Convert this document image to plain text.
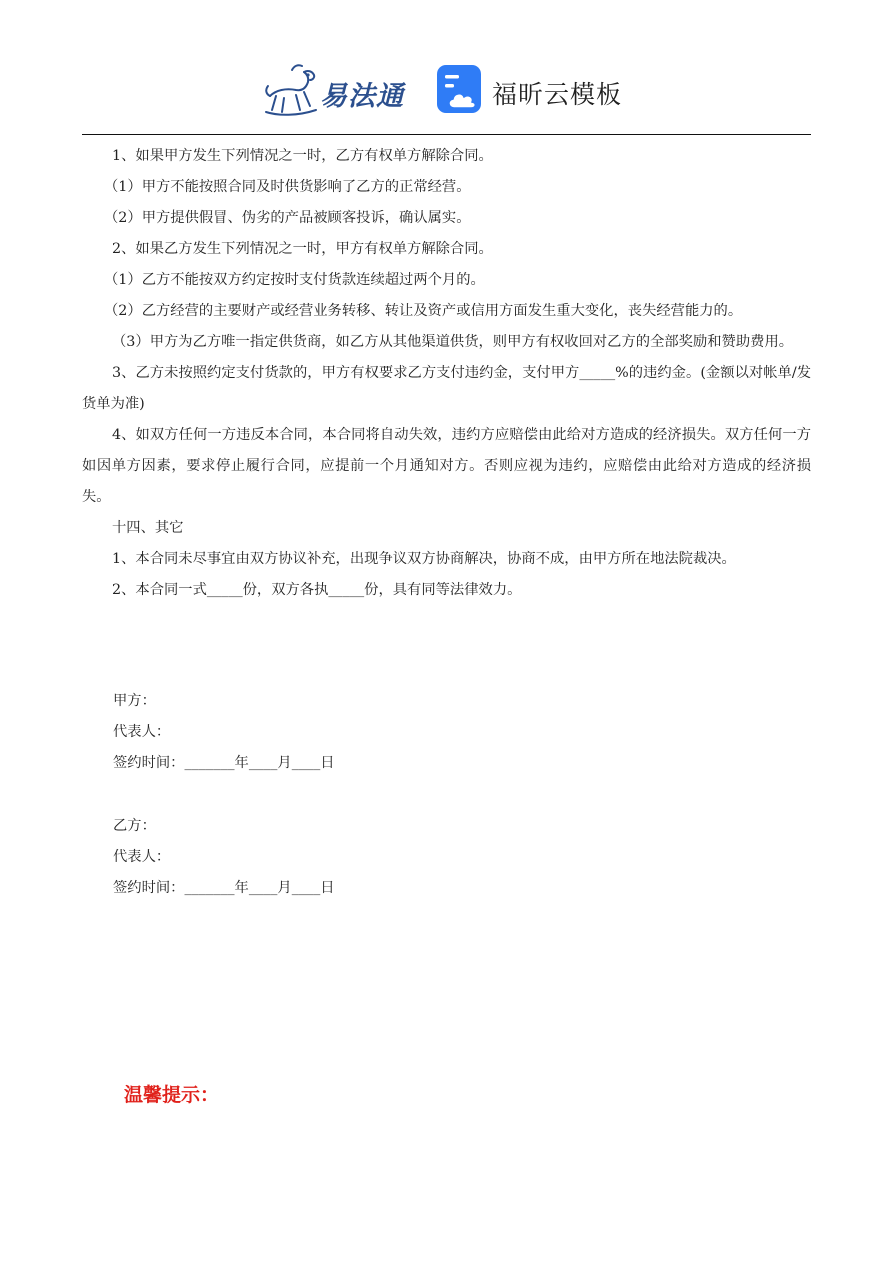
易法通	福昕云模板

1、如果甲方发生下列情况之一时，乙方有权单方解除合同。

（1）甲方不能按照合同及时供货影响了乙方的正常经营。

（2）甲方提供假冒、伪劣的产品被顾客投诉，确认属实。

2、如果乙方发生下列情况之一时，甲方有权单方解除合同。

（1）乙方不能按双方约定按时支付货款连续超过两个月的。

（2）乙方经营的主要财产或经营业务转移、转让及资产或信用方面发生重大变化，丧失经营能力的。

（3）甲方为乙方唯一指定供货商，如乙方从其他渠道供货，则甲方有权收回对乙方的全部奖励和赞助费用。

3、乙方未按照约定支付货款的，甲方有权要求乙方支付违约金，支付甲方_____%的违约金。(金额以对帐单/发货单为准)

4、如双方任何一方违反本合同，本合同将自动失效，违约方应赔偿由此给对方造成的经济损失。双方任何一方如因单方因素，要求停止履行合同，应提前一个月通知对方。否则应视为违约，应赔偿由此给对方造成的经济损失。

十四、其它

1、本合同未尽事宜由双方协议补充，出现争议双方协商解决，协商不成，由甲方所在地法院裁决。

2、本合同一式_____份，双方各执_____份，具有同等法律效力。

甲方：
代表人：
签约时间：_______年____月____日
乙方：
代表人：
签约时间：_______年____月____日
温馨提示：
